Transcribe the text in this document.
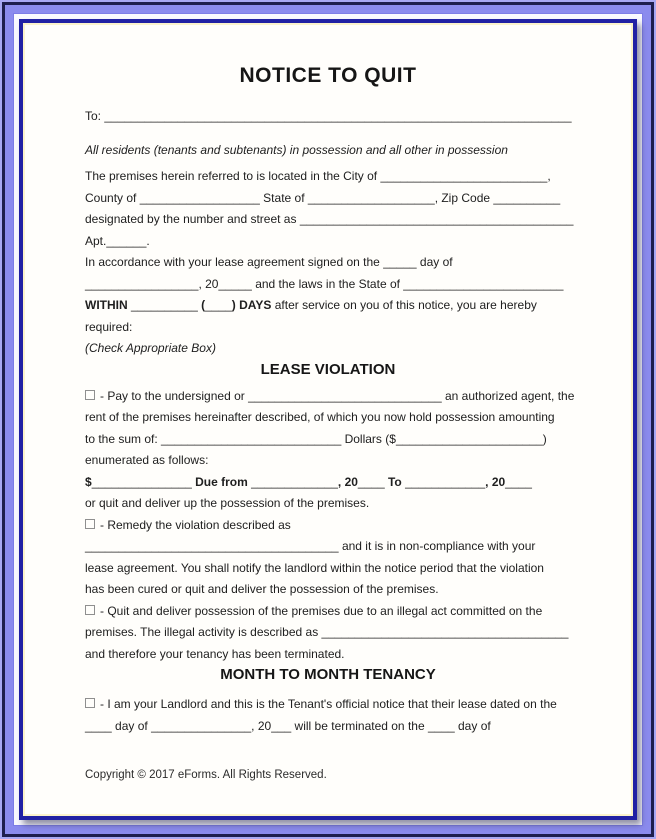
NOTICE TO QUIT

To: ______________________________________________________________________

All residents (tenants and subtenants) in possession and all other in possession

The premises herein referred to is located in the City of _________________________,

County of __________________ State of ___________________, Zip Code __________

designated by the number and street as _________________________________________

Apt.______.

In accordance with your lease agreement signed on the _____ day of

_________________, 20_____ and the laws in the State of ________________________

WITHIN __________ (____) DAYS after service on you of this notice, you are hereby

required:

(Check Appropriate Box)

LEASE VIOLATION

- Pay to the undersigned or _____________________________ an authorized agent, the

rent of the premises hereinafter described, of which you now hold possession amounting

to the sum of: ___________________________ Dollars ($______________________)

enumerated as follows:

$_______________ Due from _____________, 20____ To ____________, 20____

or quit and deliver up the possession of the premises.

- Remedy the violation described as

______________________________________ and it is in non-compliance with your

lease agreement. You shall notify the landlord within the notice period that the violation

has been cured or quit and deliver the possession of the premises.

- Quit and deliver possession of the premises due to an illegal act committed on the

premises. The illegal activity is described as _____________________________________

and therefore your tenancy has been terminated.

MONTH TO MONTH TENANCY

- I am your Landlord and this is the Tenant's official notice that their lease dated on the

____ day of _______________, 20___ will be terminated on the ____ day of

Copyright © 2017 eForms. All Rights Reserved.
